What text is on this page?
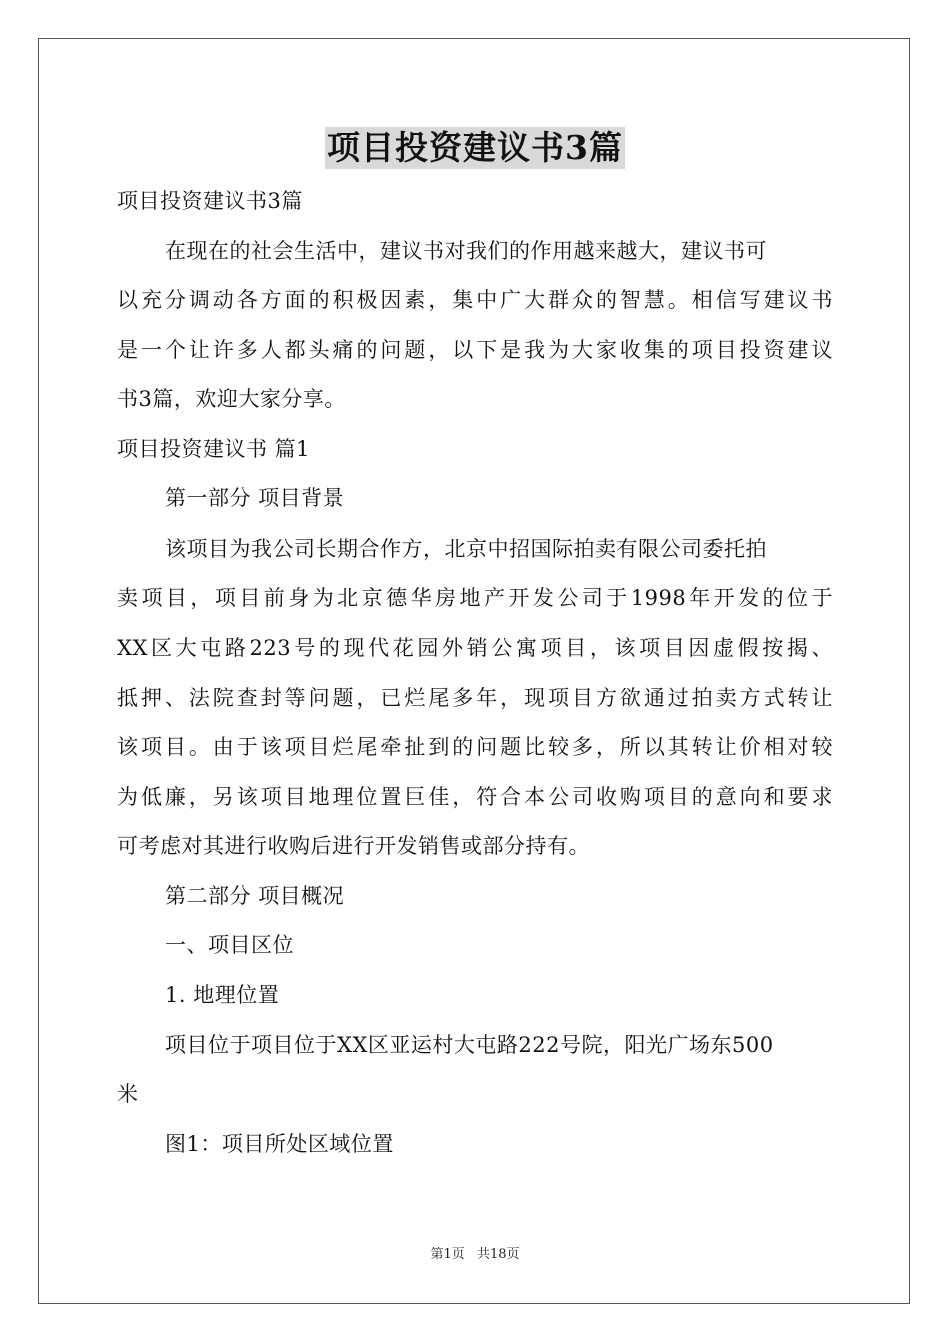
项目投资建议书3篇
项目投资建议书3篇
在现在的社会生活中，建议书对我们的作用越来越大，建议书可
以充分调动各方面的积极因素，集中广大群众的智慧。相信写建议书
是一个让许多人都头痛的问题，以下是我为大家收集的项目投资建议
书3篇，欢迎大家分享。
项目投资建议书 篇1
第一部分 项目背景
该项目为我公司长期合作方，北京中招国际拍卖有限公司委托拍
卖项目，项目前身为北京德华房地产开发公司于1998年开发的位于
XX区大屯路223号的现代花园外销公寓项目，该项目因虚假按揭、
抵押、法院查封等问题，已烂尾多年，现项目方欲通过拍卖方式转让
该项目。由于该项目烂尾牵扯到的问题比较多，所以其转让价相对较
为低廉，另该项目地理位置巨佳，符合本公司收购项目的意向和要求
可考虑对其进行收购后进行开发销售或部分持有。
第二部分 项目概况
一、项目区位
1. 地理位置
项目位于项目位于XX区亚运村大屯路222号院，阳光广场东500
米
图1：项目所处区域位置
第1页 共18页
